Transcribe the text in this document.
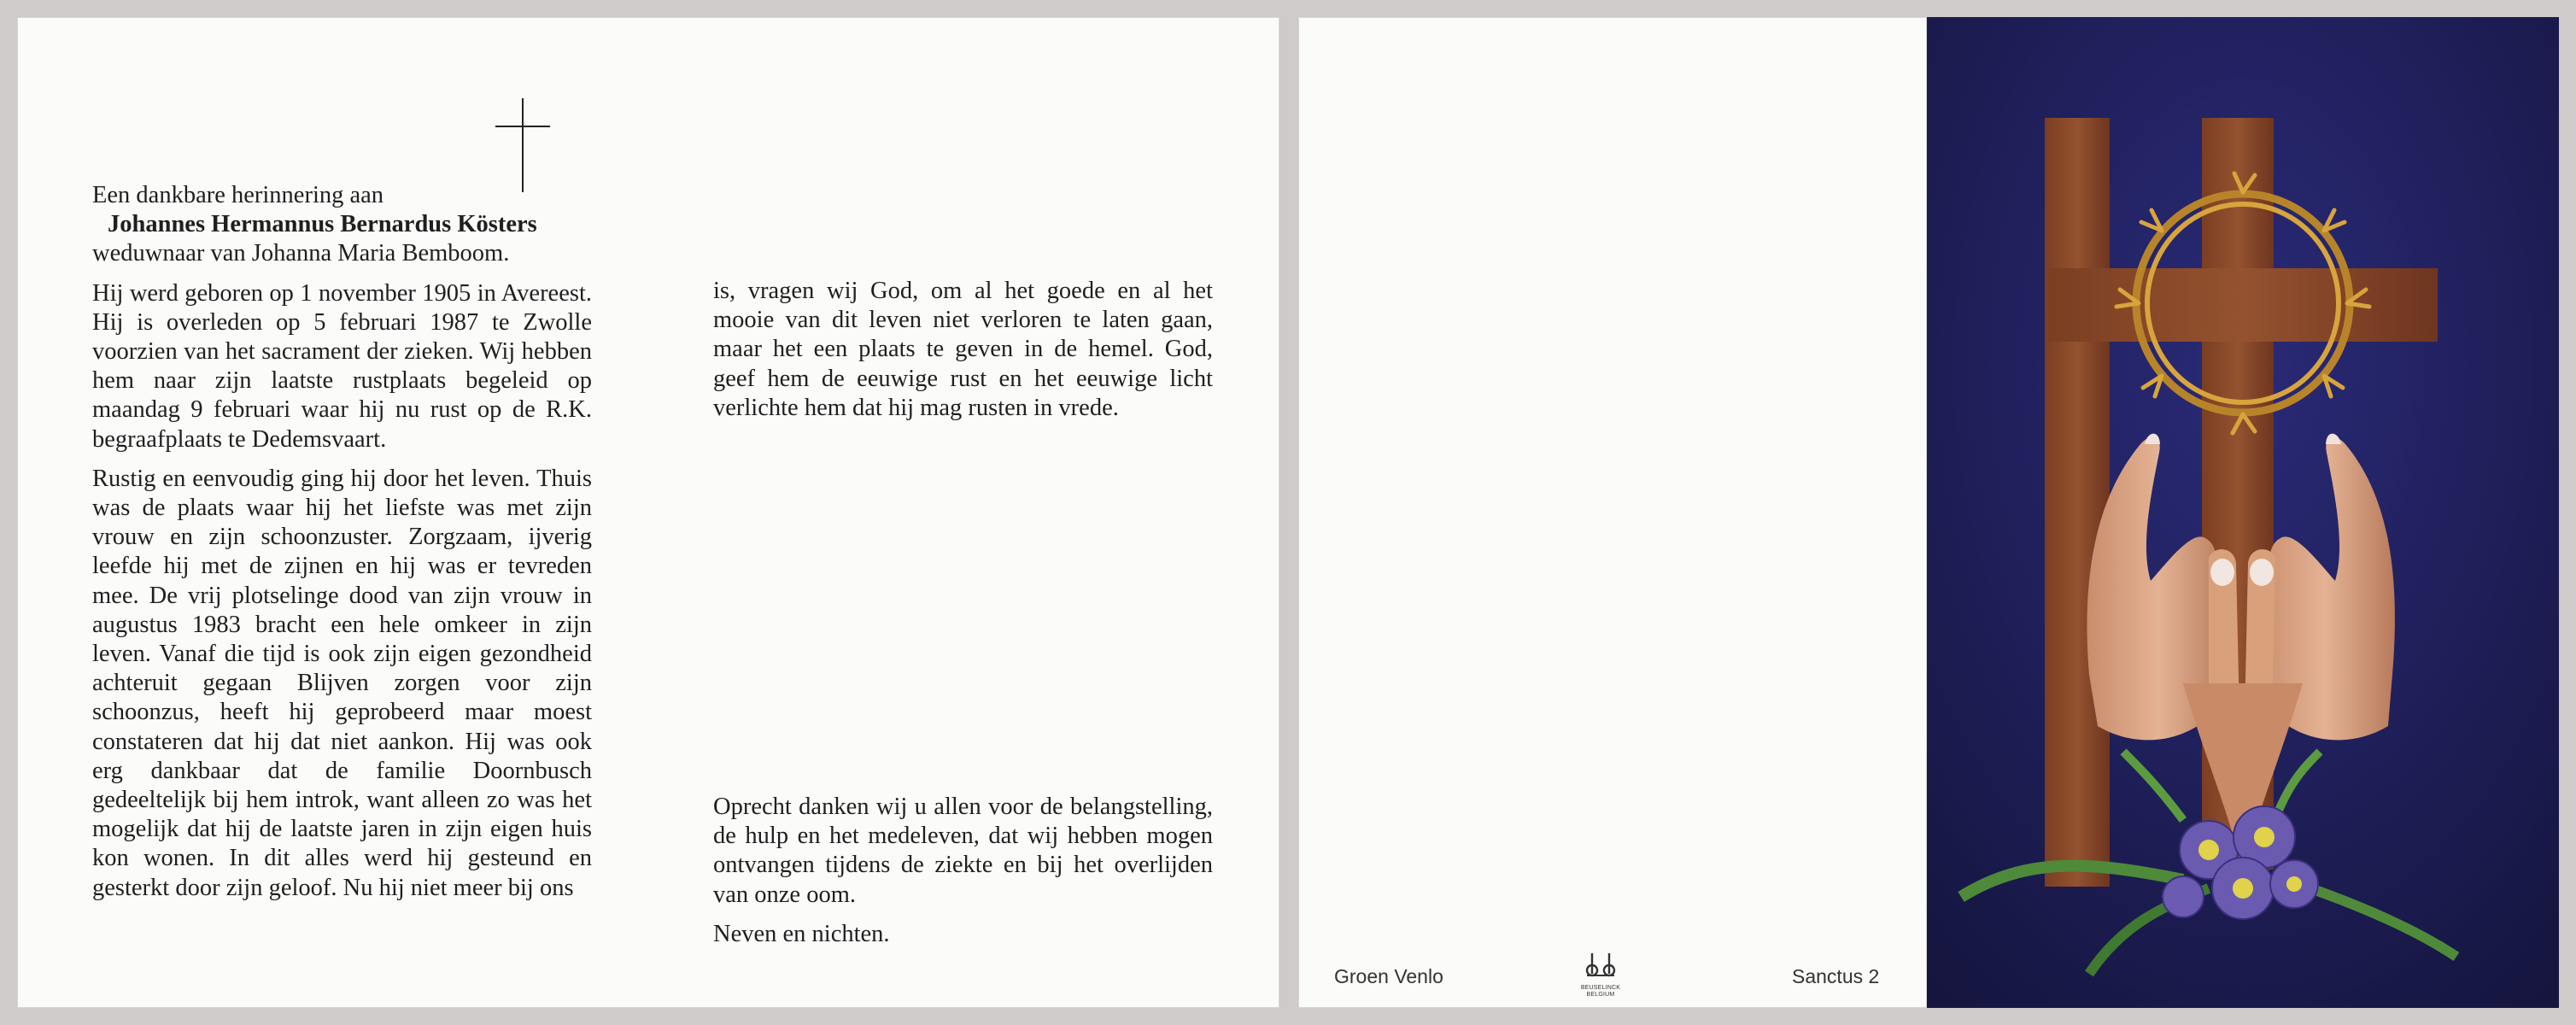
Een dankbare herinnering aan
Johannes Hermannus Bernardus Kösters

weduwnaar van Johanna Maria Bemboom.

Hij werd geboren op 1 november 1905 in Avereest. Hij is overleden op 5 februari 1987 te Zwolle voorzien van het sacrament der zieken. Wij hebben hem naar zijn laatste rustplaats begeleid op maandag 9 februari waar hij nu rust op de R.K. begraafplaats te Dedemsvaart.

Rustig en eenvoudig ging hij door het leven. Thuis was de plaats waar hij het liefste was met zijn vrouw en zijn schoonzuster. Zorgzaam, ijverig leefde hij met de zijnen en hij was er tevreden mee. De vrij plotselinge dood van zijn vrouw in augustus 1983 bracht een hele omkeer in zijn leven. Vanaf die tijd is ook zijn eigen gezondheid achteruit gegaan Blijven zorgen voor zijn schoonzus, heeft hij geprobeerd maar moest constateren dat hij dat niet aankon. Hij was ook erg dankbaar dat de familie Doornbusch gedeeltelijk bij hem introk, want alleen zo was het mogelijk dat hij de laatste jaren in zijn eigen huis kon wonen. In dit alles werd hij gesteund en gesterkt door zijn geloof. Nu hij niet meer bij ons

is, vragen wij God, om al het goede en al het mooie van dit leven niet verloren te laten gaan, maar het een plaats te geven in de hemel. God, geef hem de eeuwige rust en het eeuwige licht verlichte hem dat hij mag rusten in vrede.

Oprecht danken wij u allen voor de belangstelling, de hulp en het medeleven, dat wij hebben mogen ontvangen tijdens de ziekte en bij het overlijden van onze oom.

Neven en nichten.
Groen Venlo
BEUSELINCK
BELGIUM
Sanctus 2
